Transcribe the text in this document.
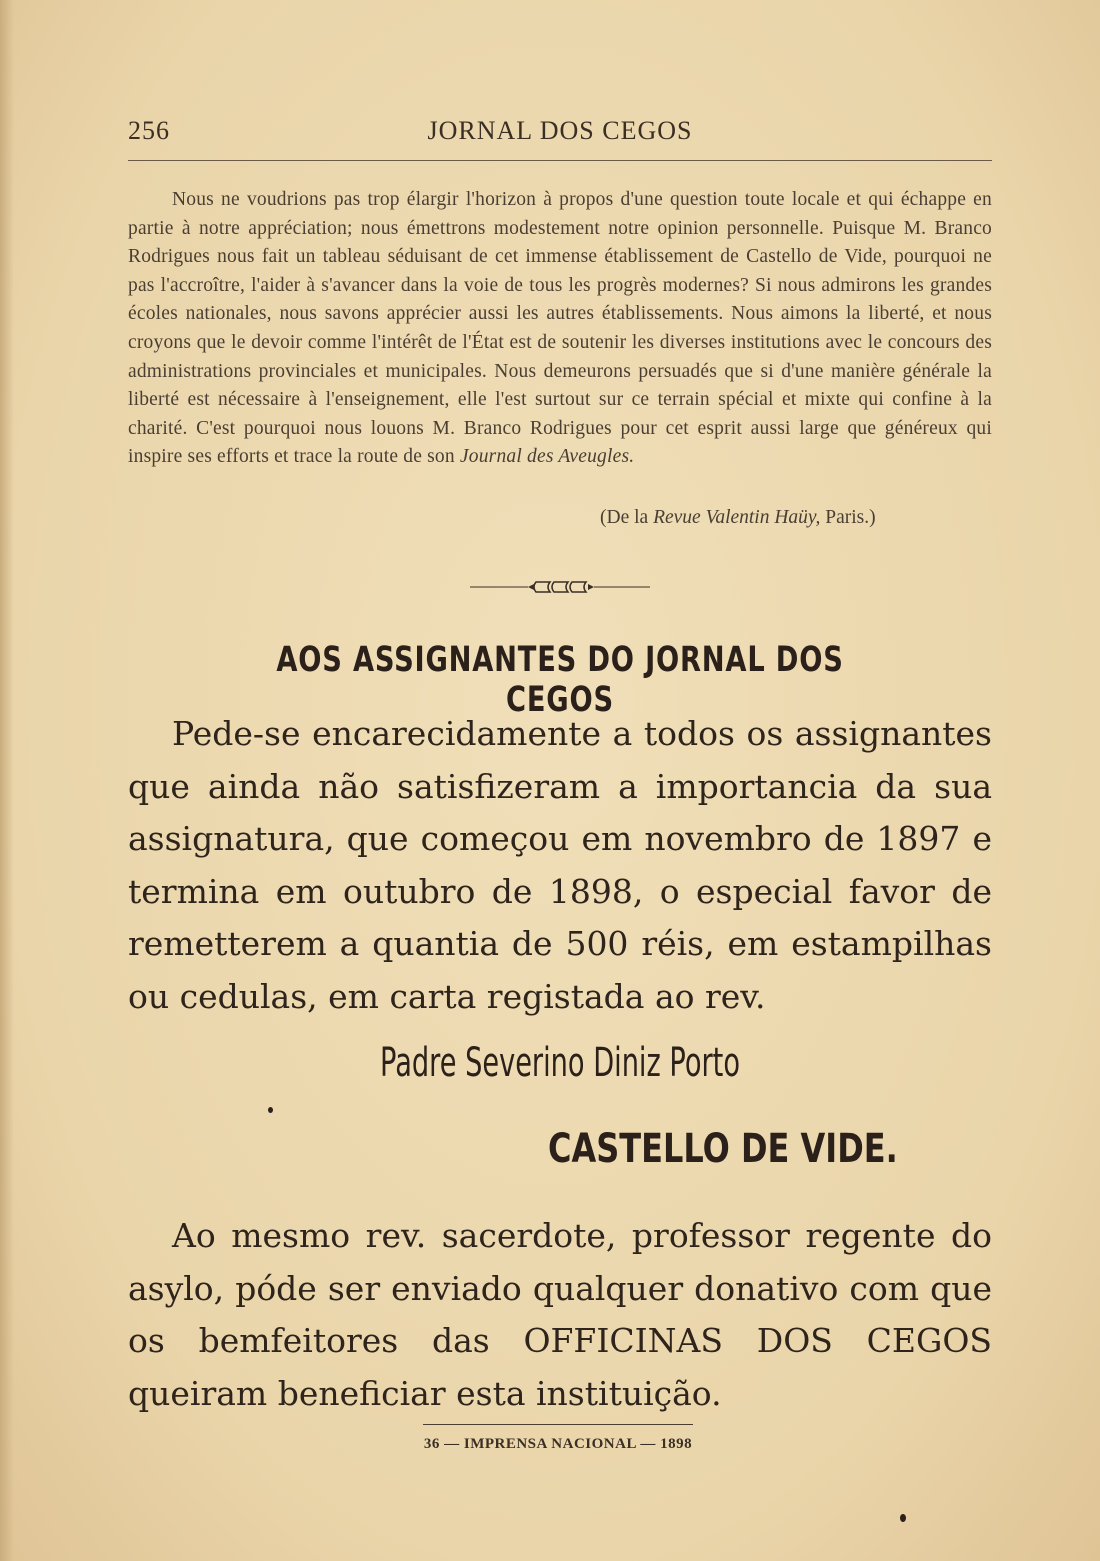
256	JORNAL DOS CEGOS

Nous ne voudrions pas trop élargir l'horizon à propos d'une question toute locale et qui échappe en partie à notre appréciation; nous émettrons modestement notre opinion personnelle. Puisque M. Branco Rodrigues nous fait un tableau séduisant de cet immense établissement de Castello de Vide, pourquoi ne pas l'accroître, l'aider à s'avancer dans la voie de tous les progrès modernes? Si nous admirons les grandes écoles nationales, nous savons apprécier aussi les autres établissements. Nous aimons la liberté, et nous croyons que le devoir comme l'intérêt de l'État est de soutenir les diverses institutions avec le concours des administrations provinciales et municipales. Nous demeurons persuadés que si d'une manière générale la liberté est nécessaire à l'enseignement, elle l'est surtout sur ce terrain spécial et mixte qui confine à la charité. C'est pourquoi nous louons M. Branco Rodrigues pour cet esprit aussi large que généreux qui inspire ses efforts et trace la route de son Journal des Aveugles.

(De la Revue Valentin Haüy, Paris.)
AOS ASSIGNANTES DO JORNAL DOS CEGOS

Pede-se encarecidamente a todos os assignantes que ainda não satisfizeram a importancia da sua assignatura, que começou em novembro de 1897 e termina em outubro de 1898, o especial favor de remetterem a quantia de 500 réis, em estampilhas ou cedulas, em carta registada ao rev.

Padre Severino Diniz Porto
CASTELLO DE VIDE.

Ao mesmo rev. sacerdote, professor regente do asylo, póde ser enviado qualquer donativo com que os bemfeitores das OFFICINAS DOS CEGOS queiram beneficiar esta instituição.

36 — IMPRENSA NACIONAL — 1898
